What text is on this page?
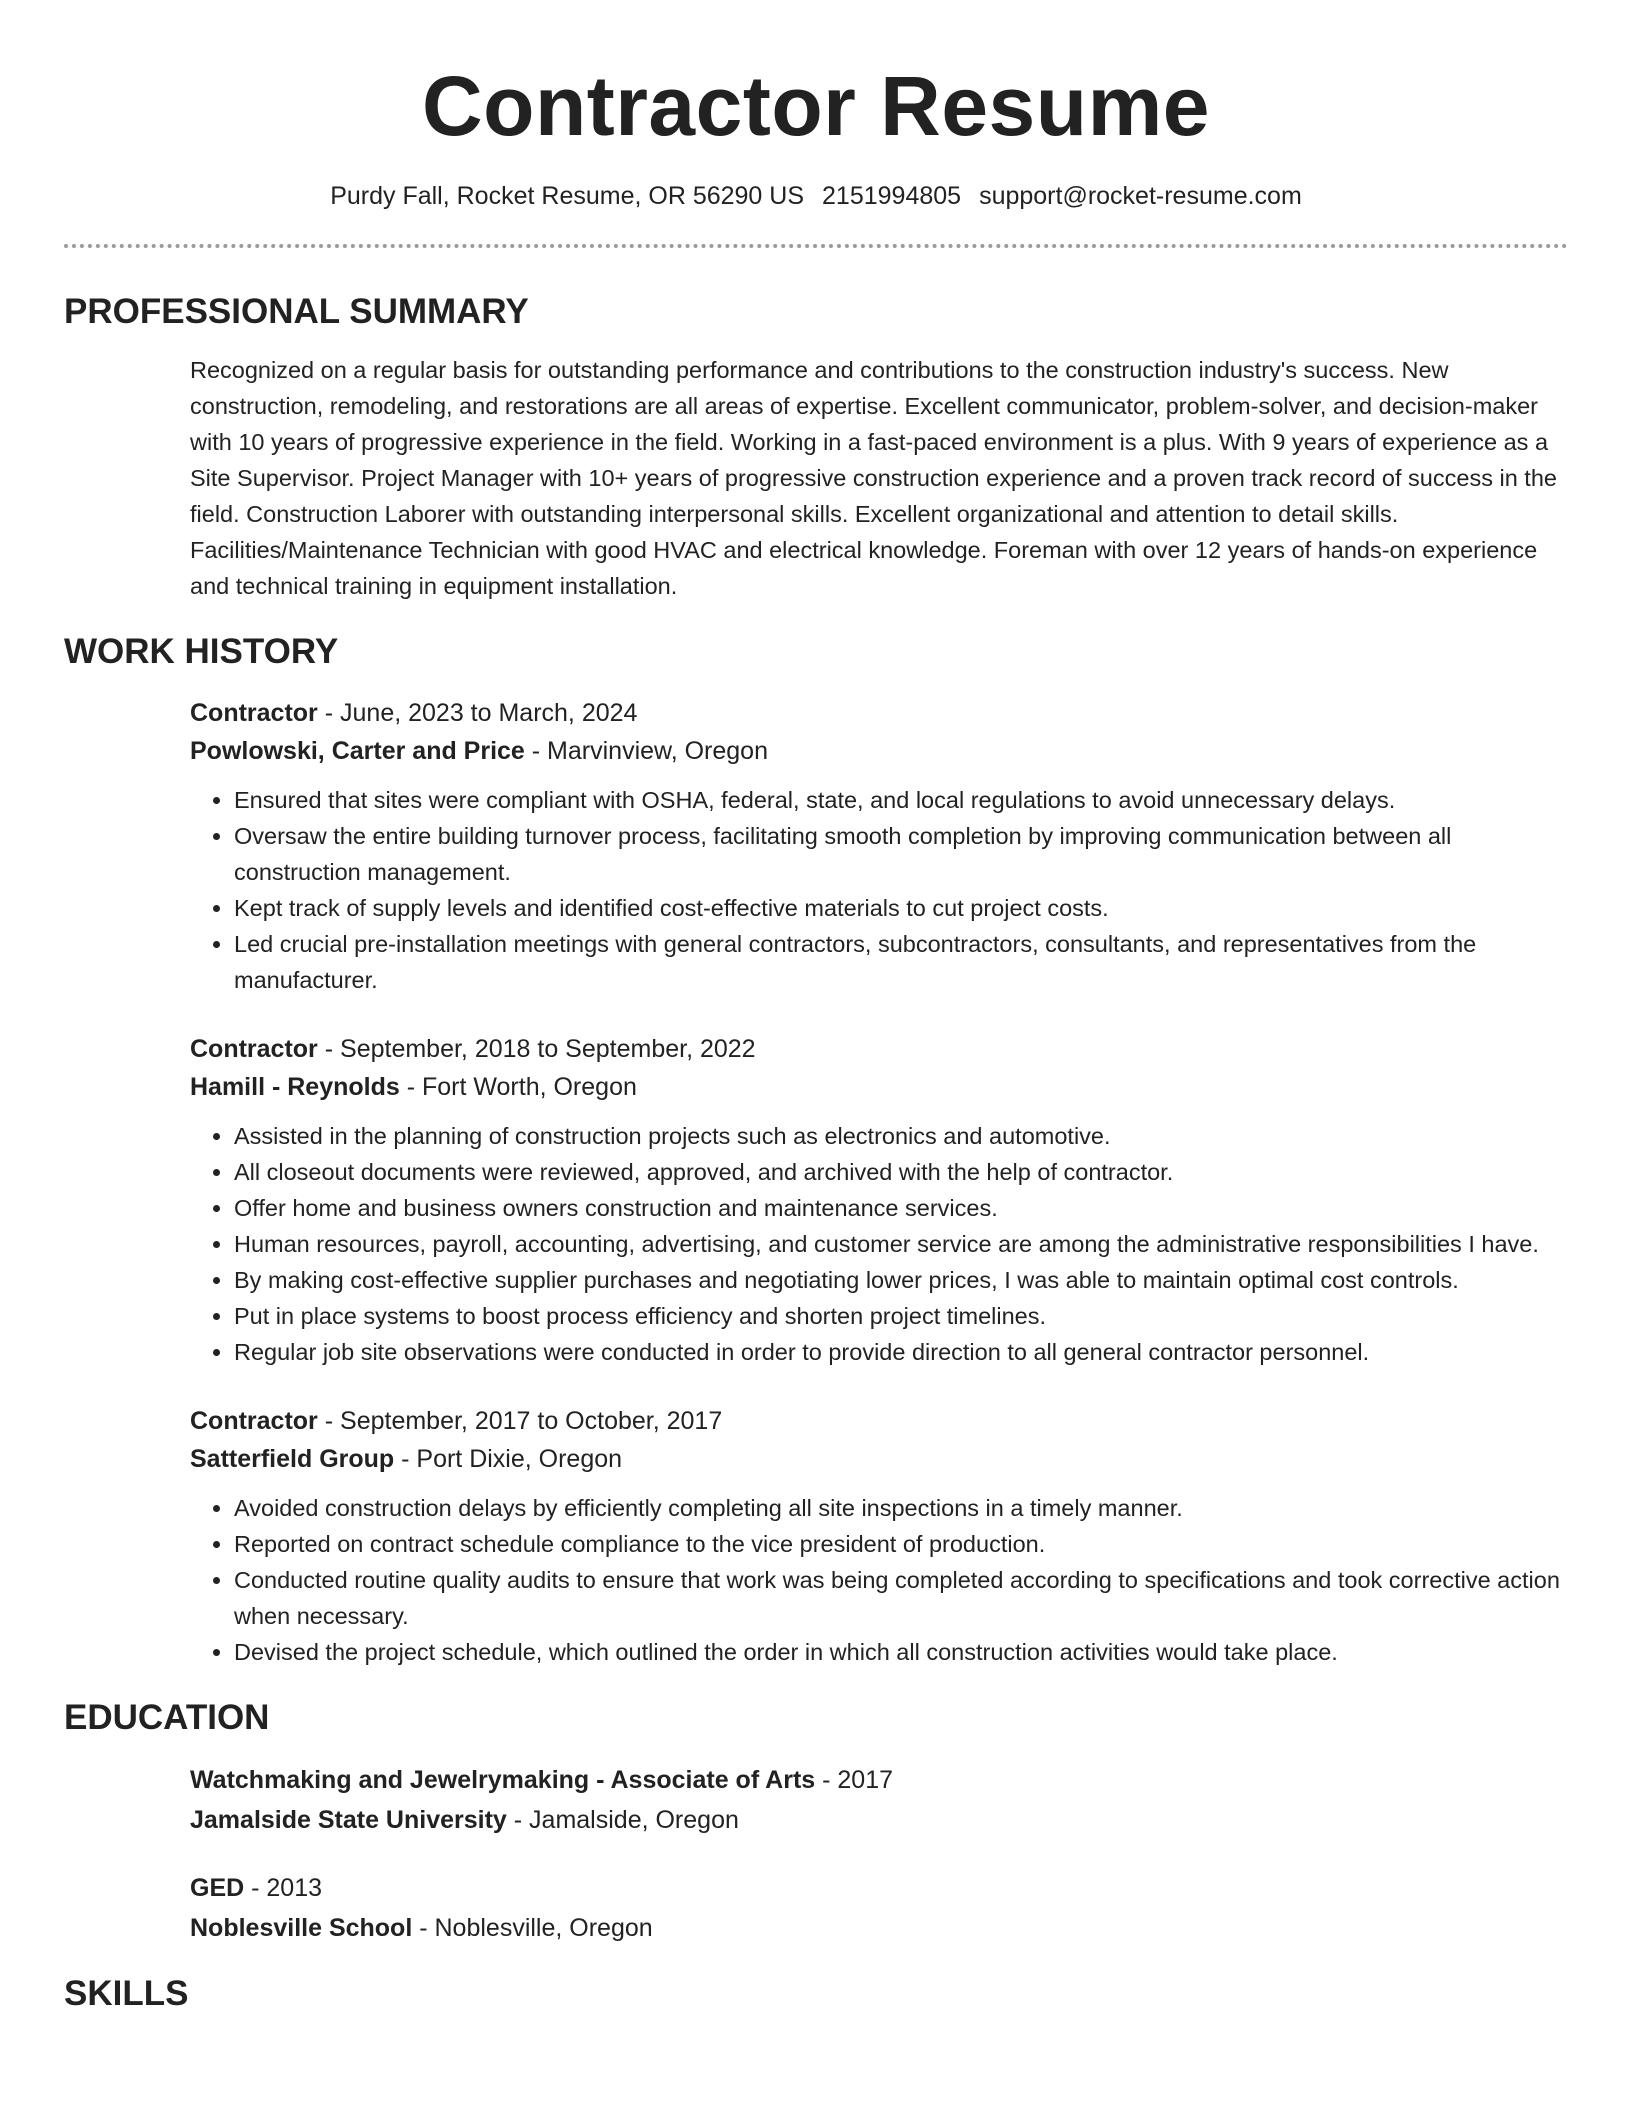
Contractor Resume
Purdy Fall, Rocket Resume, OR 56290 US 2151994805 support@rocket-resume.com
PROFESSIONAL SUMMARY

Recognized on a regular basis for outstanding performance and contributions to the construction industry's success. New construction, remodeling, and restorations are all areas of expertise. Excellent communicator, problem-solver, and decision-maker with 10 years of progressive experience in the field. Working in a fast-paced environment is a plus. With 9 years of experience as a Site Supervisor. Project Manager with 10+ years of progressive construction experience and a proven track record of success in the field. Construction Laborer with outstanding interpersonal skills. Excellent organizational and attention to detail skills. Facilities/Maintenance Technician with good HVAC and electrical knowledge. Foreman with over 12 years of hands-on experience and technical training in equipment installation.

WORK HISTORY
Contractor - June, 2023 to March, 2024
Powlowski, Carter and Price - Marvinview, Oregon
• Ensured that sites were compliant with OSHA, federal, state, and local regulations to avoid unnecessary delays.
• Oversaw the entire building turnover process, facilitating smooth completion by improving communication between all construction management.
• Kept track of supply levels and identified cost-effective materials to cut project costs.
• Led crucial pre-installation meetings with general contractors, subcontractors, consultants, and representatives from the manufacturer.
Contractor - September, 2018 to September, 2022
Hamill - Reynolds - Fort Worth, Oregon
• Assisted in the planning of construction projects such as electronics and automotive.
• All closeout documents were reviewed, approved, and archived with the help of contractor.
• Offer home and business owners construction and maintenance services.
• Human resources, payroll, accounting, advertising, and customer service are among the administrative responsibilities I have.
• By making cost-effective supplier purchases and negotiating lower prices, I was able to maintain optimal cost controls.
• Put in place systems to boost process efficiency and shorten project timelines.
• Regular job site observations were conducted in order to provide direction to all general contractor personnel.
Contractor - September, 2017 to October, 2017
Satterfield Group - Port Dixie, Oregon
• Avoided construction delays by efficiently completing all site inspections in a timely manner.
• Reported on contract schedule compliance to the vice president of production.
• Conducted routine quality audits to ensure that work was being completed according to specifications and took corrective action when necessary.
• Devised the project schedule, which outlined the order in which all construction activities would take place.
EDUCATION
Watchmaking and Jewelrymaking - Associate of Arts - 2017
Jamalside State University - Jamalside, Oregon
GED - 2013
Noblesville School - Noblesville, Oregon
SKILLS
